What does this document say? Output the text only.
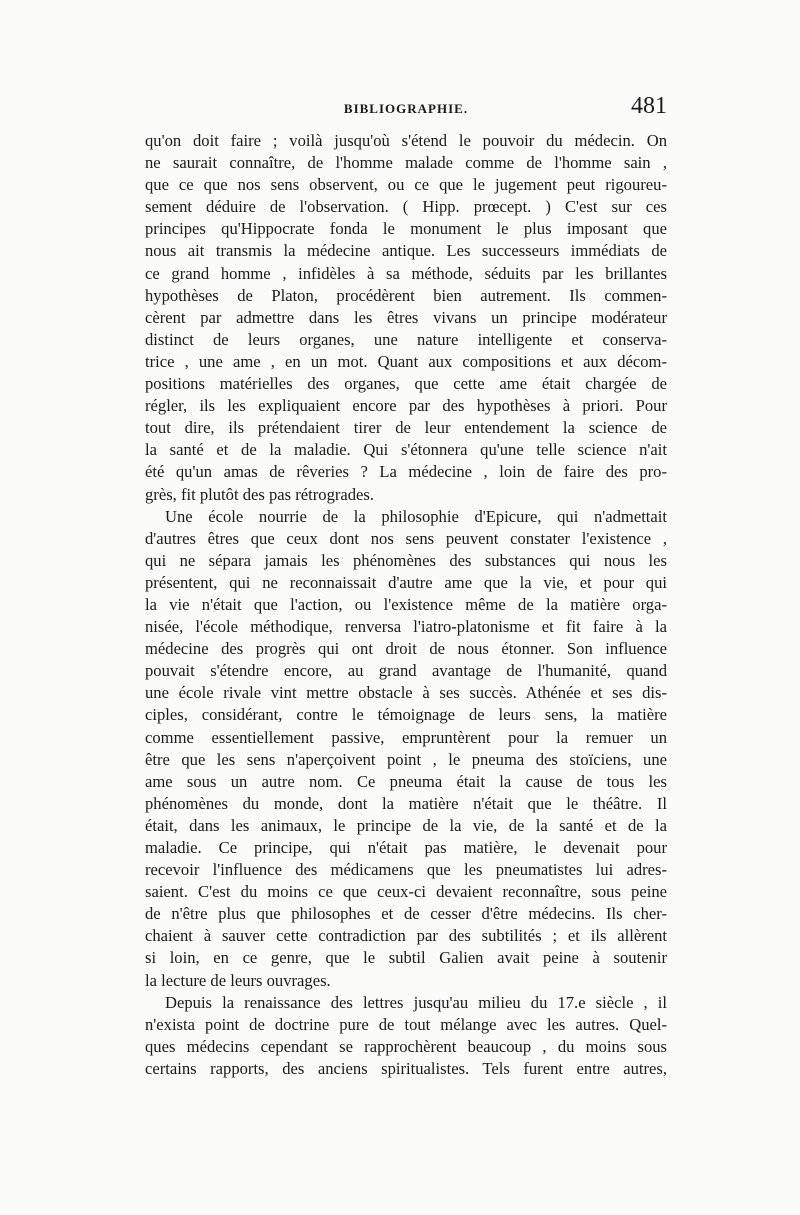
BIBLIOGRAPHIE.	481

qu'on doit faire ; voilà jusqu'où s'étend le pouvoir du médecin. On
ne saurait connaître, de l'homme malade comme de l'homme sain ,
que ce que nos sens observent, ou ce que le jugement peut rigoureu-
sement déduire de l'observation. ( Hipp. prœcept. ) C'est sur ces
principes qu'Hippocrate fonda le monument le plus imposant que
nous ait transmis la médecine antique. Les successeurs immédiats de
ce grand homme , infidèles à sa méthode, séduits par les brillantes
hypothèses de Platon, procédèrent bien autrement. Ils commen-
cèrent par admettre dans les êtres vivans un principe modérateur
distinct de leurs organes, une nature intelligente et conserva-
trice , une ame , en un mot. Quant aux compositions et aux décom-
positions matérielles des organes, que cette ame était chargée de
régler, ils les expliquaient encore par des hypothèses à priori. Pour
tout dire, ils prétendaient tirer de leur entendement la science de
la santé et de la maladie. Qui s'étonnera qu'une telle science n'ait
été qu'un amas de rêveries ? La médecine , loin de faire des pro-
grès, fit plutôt des pas rétrogrades.

Une école nourrie de la philosophie d'Epicure, qui n'admettait
d'autres êtres que ceux dont nos sens peuvent constater l'existence ,
qui ne sépara jamais les phénomènes des substances qui nous les
présentent, qui ne reconnaissait d'autre ame que la vie, et pour qui
la vie n'était que l'action, ou l'existence même de la matière orga-
nisée, l'école méthodique, renversa l'iatro-platonisme et fit faire à la
médecine des progrès qui ont droit de nous étonner. Son influence
pouvait s'étendre encore, au grand avantage de l'humanité, quand
une école rivale vint mettre obstacle à ses succès. Athénée et ses dis-
ciples, considérant, contre le témoignage de leurs sens, la matière
comme essentiellement passive, empruntèrent pour la remuer un
être que les sens n'aperçoivent point , le pneuma des stoïciens, une
ame sous un autre nom. Ce pneuma était la cause de tous les
phénomènes du monde, dont la matière n'était que le théâtre. Il
était, dans les animaux, le principe de la vie, de la santé et de la
maladie. Ce principe, qui n'était pas matière, le devenait pour
recevoir l'influence des médicamens que les pneumatistes lui adres-
saient. C'est du moins ce que ceux-ci devaient reconnaître, sous peine
de n'être plus que philosophes et de cesser d'être médecins. Ils cher-
chaient à sauver cette contradiction par des subtilités ; et ils allèrent
si loin, en ce genre, que le subtil Galien avait peine à soutenir
la lecture de leurs ouvrages.

Depuis la renaissance des lettres jusqu'au milieu du 17.e siècle , il
n'exista point de doctrine pure de tout mélange avec les autres. Quel-
ques médecins cependant se rapprochèrent beaucoup , du moins sous
certains rapports, des anciens spiritualistes. Tels furent entre autres,
